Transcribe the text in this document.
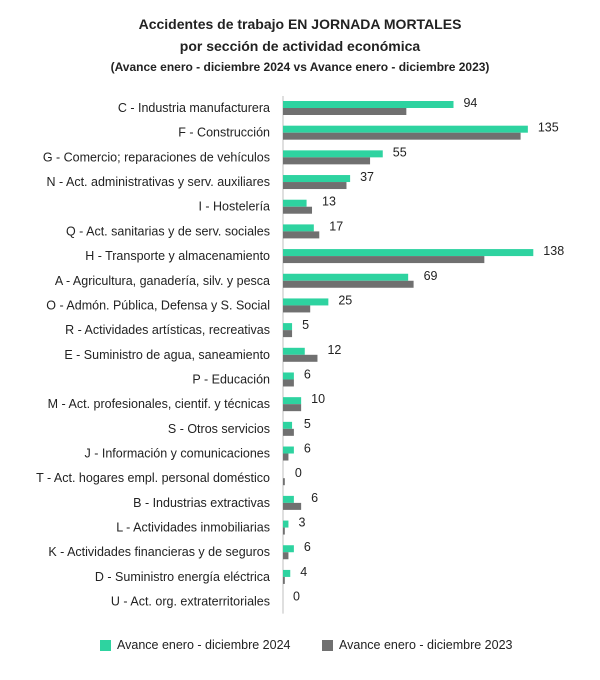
Accidentes de trabajo EN JORNADA MORTALES
por sección de actividad económica
(Avance enero - diciembre 2024 vs Avance enero - diciembre 2023)
C - Industria manufacturera	94
F - Construcción	135
G - Comercio; reparaciones de vehículos	55
N - Act. administrativas y serv. auxiliares	37
I - Hostelería	13
Q - Act. sanitarias y de serv. sociales	17
H - Transporte y almacenamiento	138
A - Agricultura, ganadería, silv. y pesca	69
O - Admón. Pública, Defensa y S. Social	25
R - Actividades artísticas, recreativas	5
E - Suministro de agua, saneamiento	12
P - Educación	6
M - Act. profesionales, cientif. y técnicas	10
S - Otros servicios	5
J - Información y comunicaciones	6
T - Act. hogares empl. personal doméstico 0
B - Industrias extractivas	6
L - Actividades inmobiliarias 3
K - Actividades financieras y de seguros	6
D - Suministro energía eléctrica 4
U - Act. org. extraterritoriales 0
Avance enero - diciembre 2024	Avance enero - diciembre 2023
